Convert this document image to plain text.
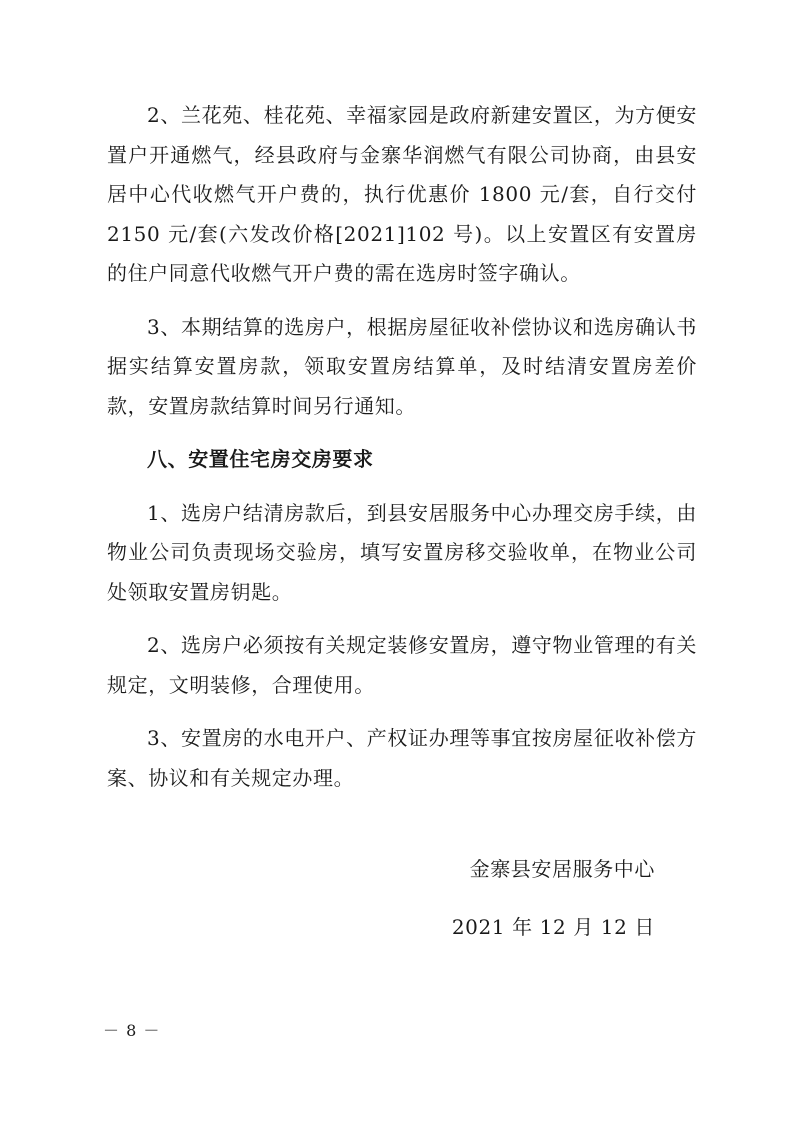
2、兰花苑、桂花苑、幸福家园是政府新建安置区，为方便安置户开通燃气，经县政府与金寨华润燃气有限公司协商，由县安居中心代收燃气开户费的，执行优惠价 1800 元/套，自行交付 2150 元/套(六发改价格[2021]102 号)。以上安置区有安置房的住户同意代收燃气开户费的需在选房时签字确认。

3、本期结算的选房户，根据房屋征收补偿协议和选房确认书据实结算安置房款，领取安置房结算单，及时结清安置房差价款，安置房款结算时间另行通知。

八、安置住宅房交房要求

1、选房户结清房款后，到县安居服务中心办理交房手续，由物业公司负责现场交验房，填写安置房移交验收单，在物业公司处领取安置房钥匙。

2、选房户必须按有关规定装修安置房，遵守物业管理的有关规定，文明装修，合理使用。

3、安置房的水电开户、产权证办理等事宜按房屋征收补偿方案、协议和有关规定办理。

金寨县安居服务中心
2021 年 12 月 12 日
－ 8 －
